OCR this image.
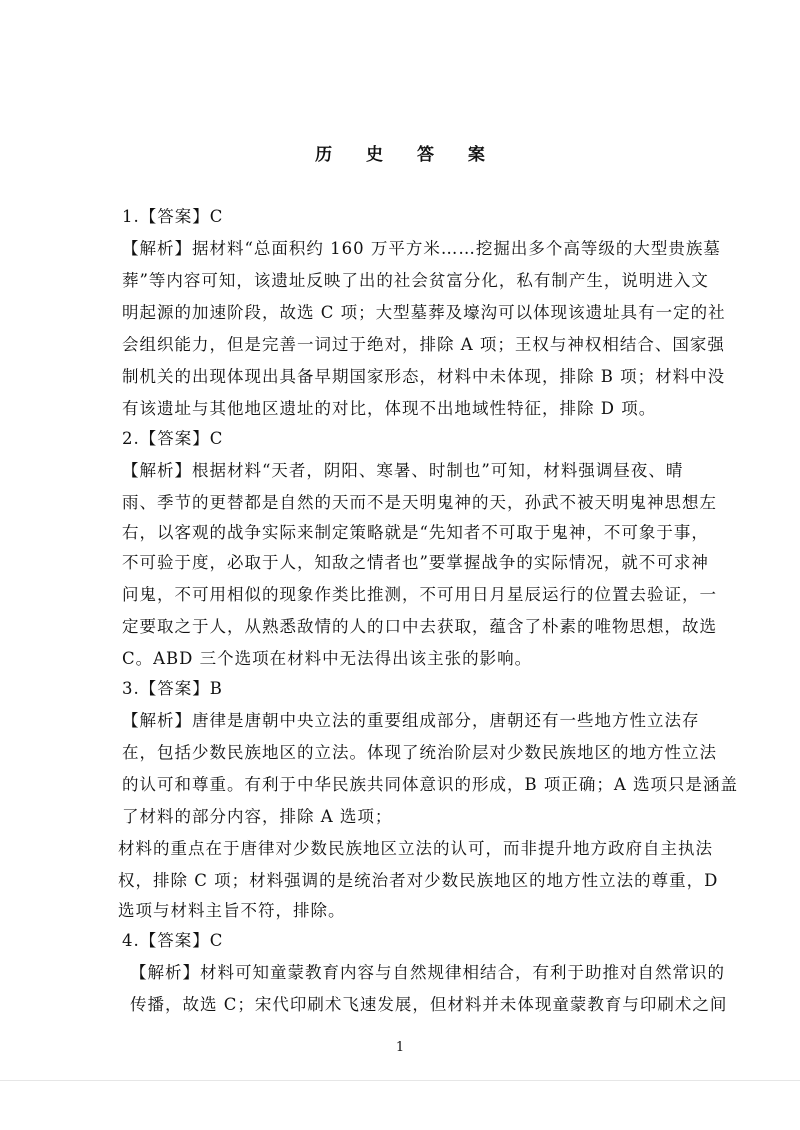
历 史 答 案
1.【答案】C
【解析】据材料“总面积约 160 万平方米……挖掘出多个高等级的大型贵族墓
葬”等内容可知，该遗址反映了出的社会贫富分化，私有制产生，说明进入文
明起源的加速阶段，故选 C 项；大型墓葬及壕沟可以体现该遗址具有一定的社
会组织能力，但是完善一词过于绝对，排除 A 项；王权与神权相结合、国家强
制机关的出现体现出具备早期国家形态，材料中未体现，排除 B 项；材料中没
有该遗址与其他地区遗址的对比，体现不出地域性特征，排除 D 项。
2.【答案】C
【解析】根据材料“天者，阴阳、寒暑、时制也”可知，材料强调昼夜、晴
雨、季节的更替都是自然的天而不是天明鬼神的天，孙武不被天明鬼神思想左
右，以客观的战争实际来制定策略就是“先知者不可取于鬼神，不可象于事，
不可验于度，必取于人，知敌之情者也”要掌握战争的实际情况，就不可求神
问鬼，不可用相似的现象作类比推测，不可用日月星辰运行的位置去验证，一
定要取之于人，从熟悉敌情的人的口中去获取，蕴含了朴素的唯物思想，故选
C。ABD 三个选项在材料中无法得出该主张的影响。
3.【答案】B
【解析】唐律是唐朝中央立法的重要组成部分，唐朝还有一些地方性立法存
在，包括少数民族地区的立法。体现了统治阶层对少数民族地区的地方性立法
的认可和尊重。有利于中华民族共同体意识的形成，B 项正确；A 选项只是涵盖
了材料的部分内容，排除 A 选项；
材料的重点在于唐律对少数民族地区立法的认可，而非提升地方政府自主执法
权，排除 C 项；材料强调的是统治者对少数民族地区的地方性立法的尊重，D
选项与材料主旨不符，排除。
4.【答案】C
【解析】材料可知童蒙教育内容与自然规律相结合，有利于助推对自然常识的
传播，故选 C；宋代印刷术飞速发展，但材料并未体现童蒙教育与印刷术之间
1
